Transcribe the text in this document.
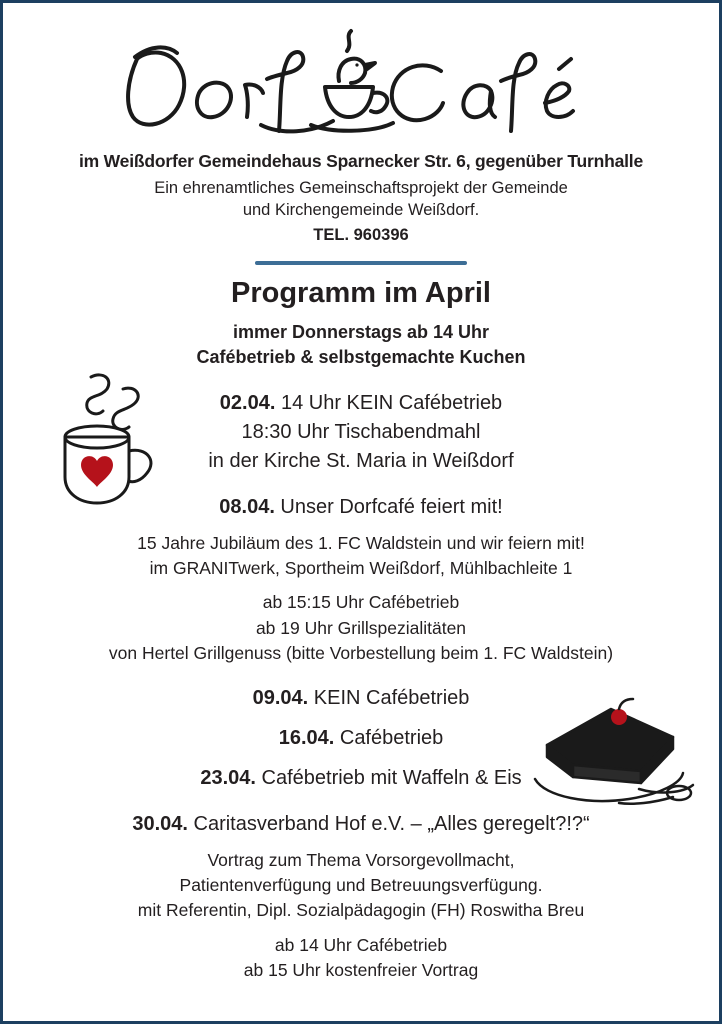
im Weißdorfer Gemeindehaus Sparnecker Str. 6, gegenüber Turnhalle
Ein ehrenamtliches Gemeinschaftsprojekt der Gemeinde
und Kirchengemeinde Weißdorf.
TEL. 960396
Programm im April
immer Donnerstags ab 14 Uhr
Cafébetrieb & selbstgemachte Kuchen
02.04. 14 Uhr KEIN Cafébetrieb
18:30 Uhr Tischabendmahl
in der Kirche St. Maria in Weißdorf
08.04. Unser Dorfcafé feiert mit!
15 Jahre Jubiläum des 1. FC Waldstein und wir feiern mit!
im GRANITwerk, Sportheim Weißdorf, Mühlbachleite 1
ab 15:15 Uhr Cafébetrieb
ab 19 Uhr Grillspezialitäten
von Hertel Grillgenuss (bitte Vorbestellung beim 1. FC Waldstein)
09.04. KEIN Cafébetrieb
16.04. Cafébetrieb
23.04. Cafébetrieb mit Waffeln & Eis
30.04. Caritasverband Hof e.V. – „Alles geregelt?!?“
Vortrag zum Thema Vorsorgevollmacht,
Patientenverfügung und Betreuungsverfügung.
mit Referentin, Dipl. Sozialpädagogin (FH) Roswitha Breu
ab 14 Uhr Cafébetrieb
ab 15 Uhr kostenfreier Vortrag
